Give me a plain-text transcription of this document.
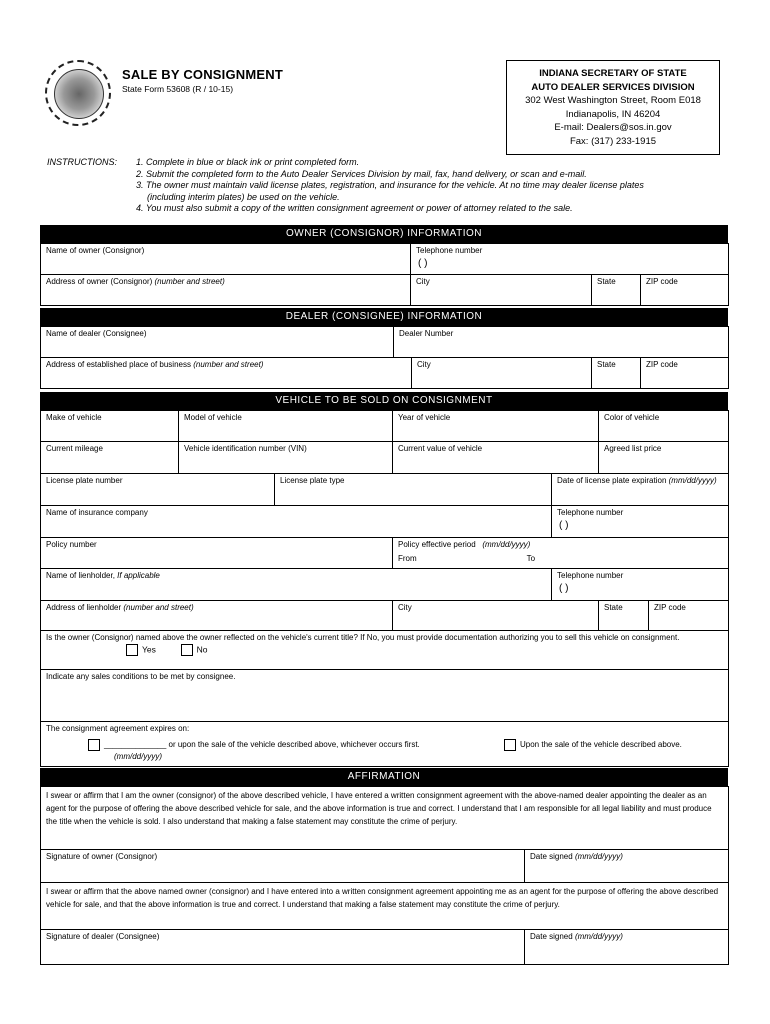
SALE BY CONSIGNMENT
State Form 53608 (R / 10-15)
INDIANA SECRETARY OF STATE
AUTO DEALER SERVICES DIVISION
302 West Washington Street, Room E018
Indianapolis, IN 46204
E-mail: Dealers@sos.in.gov
Fax: (317) 233-1915
INSTRUCTIONS: 1. Complete in blue or black ink or print completed form.
2. Submit the completed form to the Auto Dealer Services Division by mail, fax, hand delivery, or scan and e-mail.
3. The owner must maintain valid license plates, registration, and insurance for the vehicle. At no time may dealer license plates
(including interim plates) be used on the vehicle.
4. You must also submit a copy of the written consignment agreement or power of attorney related to the sale.
OWNER (CONSIGNOR) INFORMATION
Name of owner (Consignor)	Telephone number
( )		

Address of owner (Consignor) (number and street)	City	State	ZIP code
DEALER (CONSIGNEE) INFORMATION
Name of dealer (Consignee)	Dealer Number			
Address of established place of business (number and street)		City	State	ZIP code
VEHICLE TO BE SOLD ON CONSIGNMENT
Make of vehicle	Model of vehicle		Year of vehicle		Color of vehicle	
Current mileage	Vehicle identification number (VIN)		Current value of vehicle		Agreed list price	
License plate number		License plate type		Date of license plate expiration (mm/dd/yyyy)		
Name of insurance company				Telephone number
( )		

Policy number			Policy effective period (mm/dd/yyyy)
From To			

Name of lienholder, If applicable				Telephone number
( )		

Address of lienholder (number and street)			City		State	ZIP code

Is the owner (Consignor) named above the owner reflected on the vehicle's current title? If No, you must provide documentation authorizing you to sell this vehicle on consignment.
Yes No						

Indicate any sales conditions to be met by consignee.						

The consignment agreement expires on:
______________ or upon the sale of the vehicle described above, whichever occurs first. Upon the sale of the vehicle described above.
(mm/dd/yyyy)						
AFFIRMATION
I swear or affirm that I am the owner (consignor) of the above described vehicle, I have entered a written consignment agreement with the above-named dealer appointing the dealer as an agent for the purpose of offering the above described vehicle for sale, and the above information is true and correct. I understand that I am responsible for all legal liability and must produce the title when the vehicle is sold. I also understand that making a false statement may constitute the crime of perjury.	
Signature of owner (Consignor)	Date signed (mm/dd/yyyy)
I swear or affirm that the above named owner (consignor) and I have entered into a written consignment agreement appointing me as an agent for the purpose of offering the above described vehicle for sale, and that the above information is true and correct. I understand that making a false statement may constitute the crime of perjury.	
Signature of dealer (Consignee)	Date signed (mm/dd/yyyy)
